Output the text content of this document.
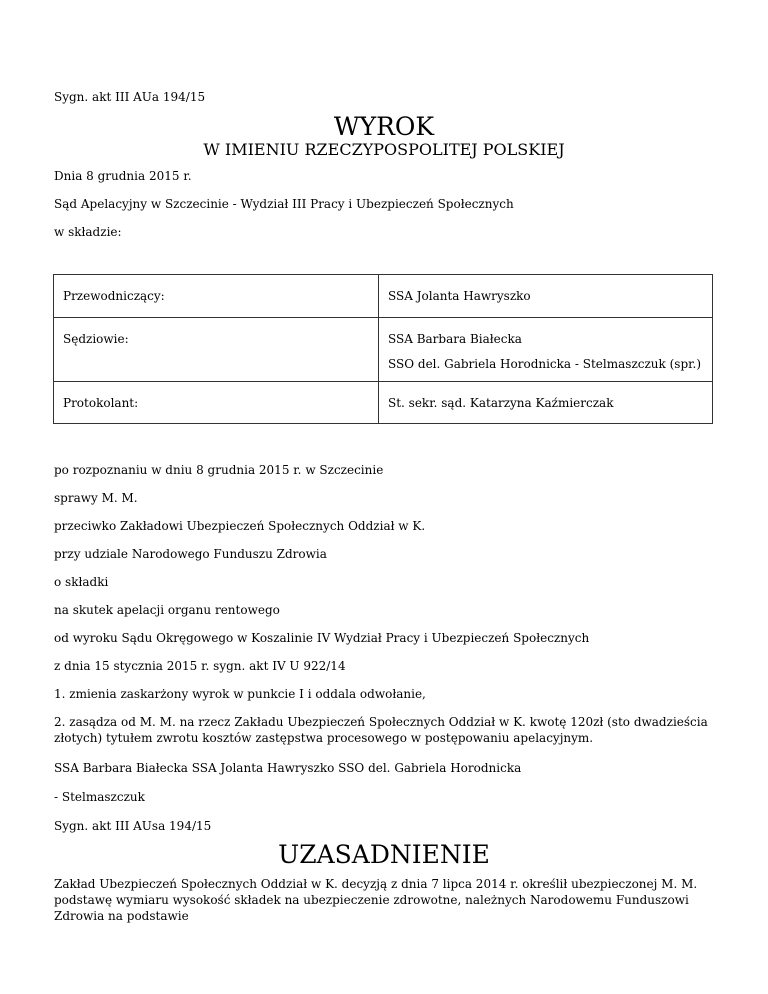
Sygn. akt III AUa 194/15
WYROK
W IMIENIU RZECZYPOSPOLITEJ POLSKIEJ
Dnia 8 grudnia 2015 r.
Sąd Apelacyjny w Szczecinie - Wydział III Pracy i Ubezpieczeń Społecznych
w składzie:
Przewodniczący:	SSA Jolanta Hawryszko
Sędziowie:	SSA Barbara Białecka
SSO del. Gabriela Horodnicka - Stelmaszczuk (spr.)

Protokolant:	St. sekr. sąd. Katarzyna Kaźmierczak
po rozpoznaniu w dniu 8 grudnia 2015 r. w Szczecinie
sprawy M. M.
przeciwko Zakładowi Ubezpieczeń Społecznych Oddział w K.
przy udziale Narodowego Funduszu Zdrowia
o składki
na skutek apelacji organu rentowego
od wyroku Sądu Okręgowego w Koszalinie IV Wydział Pracy i Ubezpieczeń Społecznych
z dnia 15 stycznia 2015 r. sygn. akt IV U 922/14
1. zmienia zaskarżony wyrok w punkcie I i oddala odwołanie,
2. zasądza od M. M. na rzecz Zakładu Ubezpieczeń Społecznych Oddział w K. kwotę 120zł (sto dwadzieścia złotych) tytułem zwrotu kosztów zastępstwa procesowego w postępowaniu apelacyjnym.
SSA Barbara Białecka SSA Jolanta Hawryszko SSO del. Gabriela Horodnicka
- Stelmaszczuk
Sygn. akt III AUsa 194/15
UZASADNIENIE
Zakład Ubezpieczeń Społecznych Oddział w K. decyzją z dnia 7 lipca 2014 r. określił ubezpieczonej M. M. podstawę wymiaru wysokość składek na ubezpieczenie zdrowotne, należnych Narodowemu Funduszowi Zdrowia na podstawie
